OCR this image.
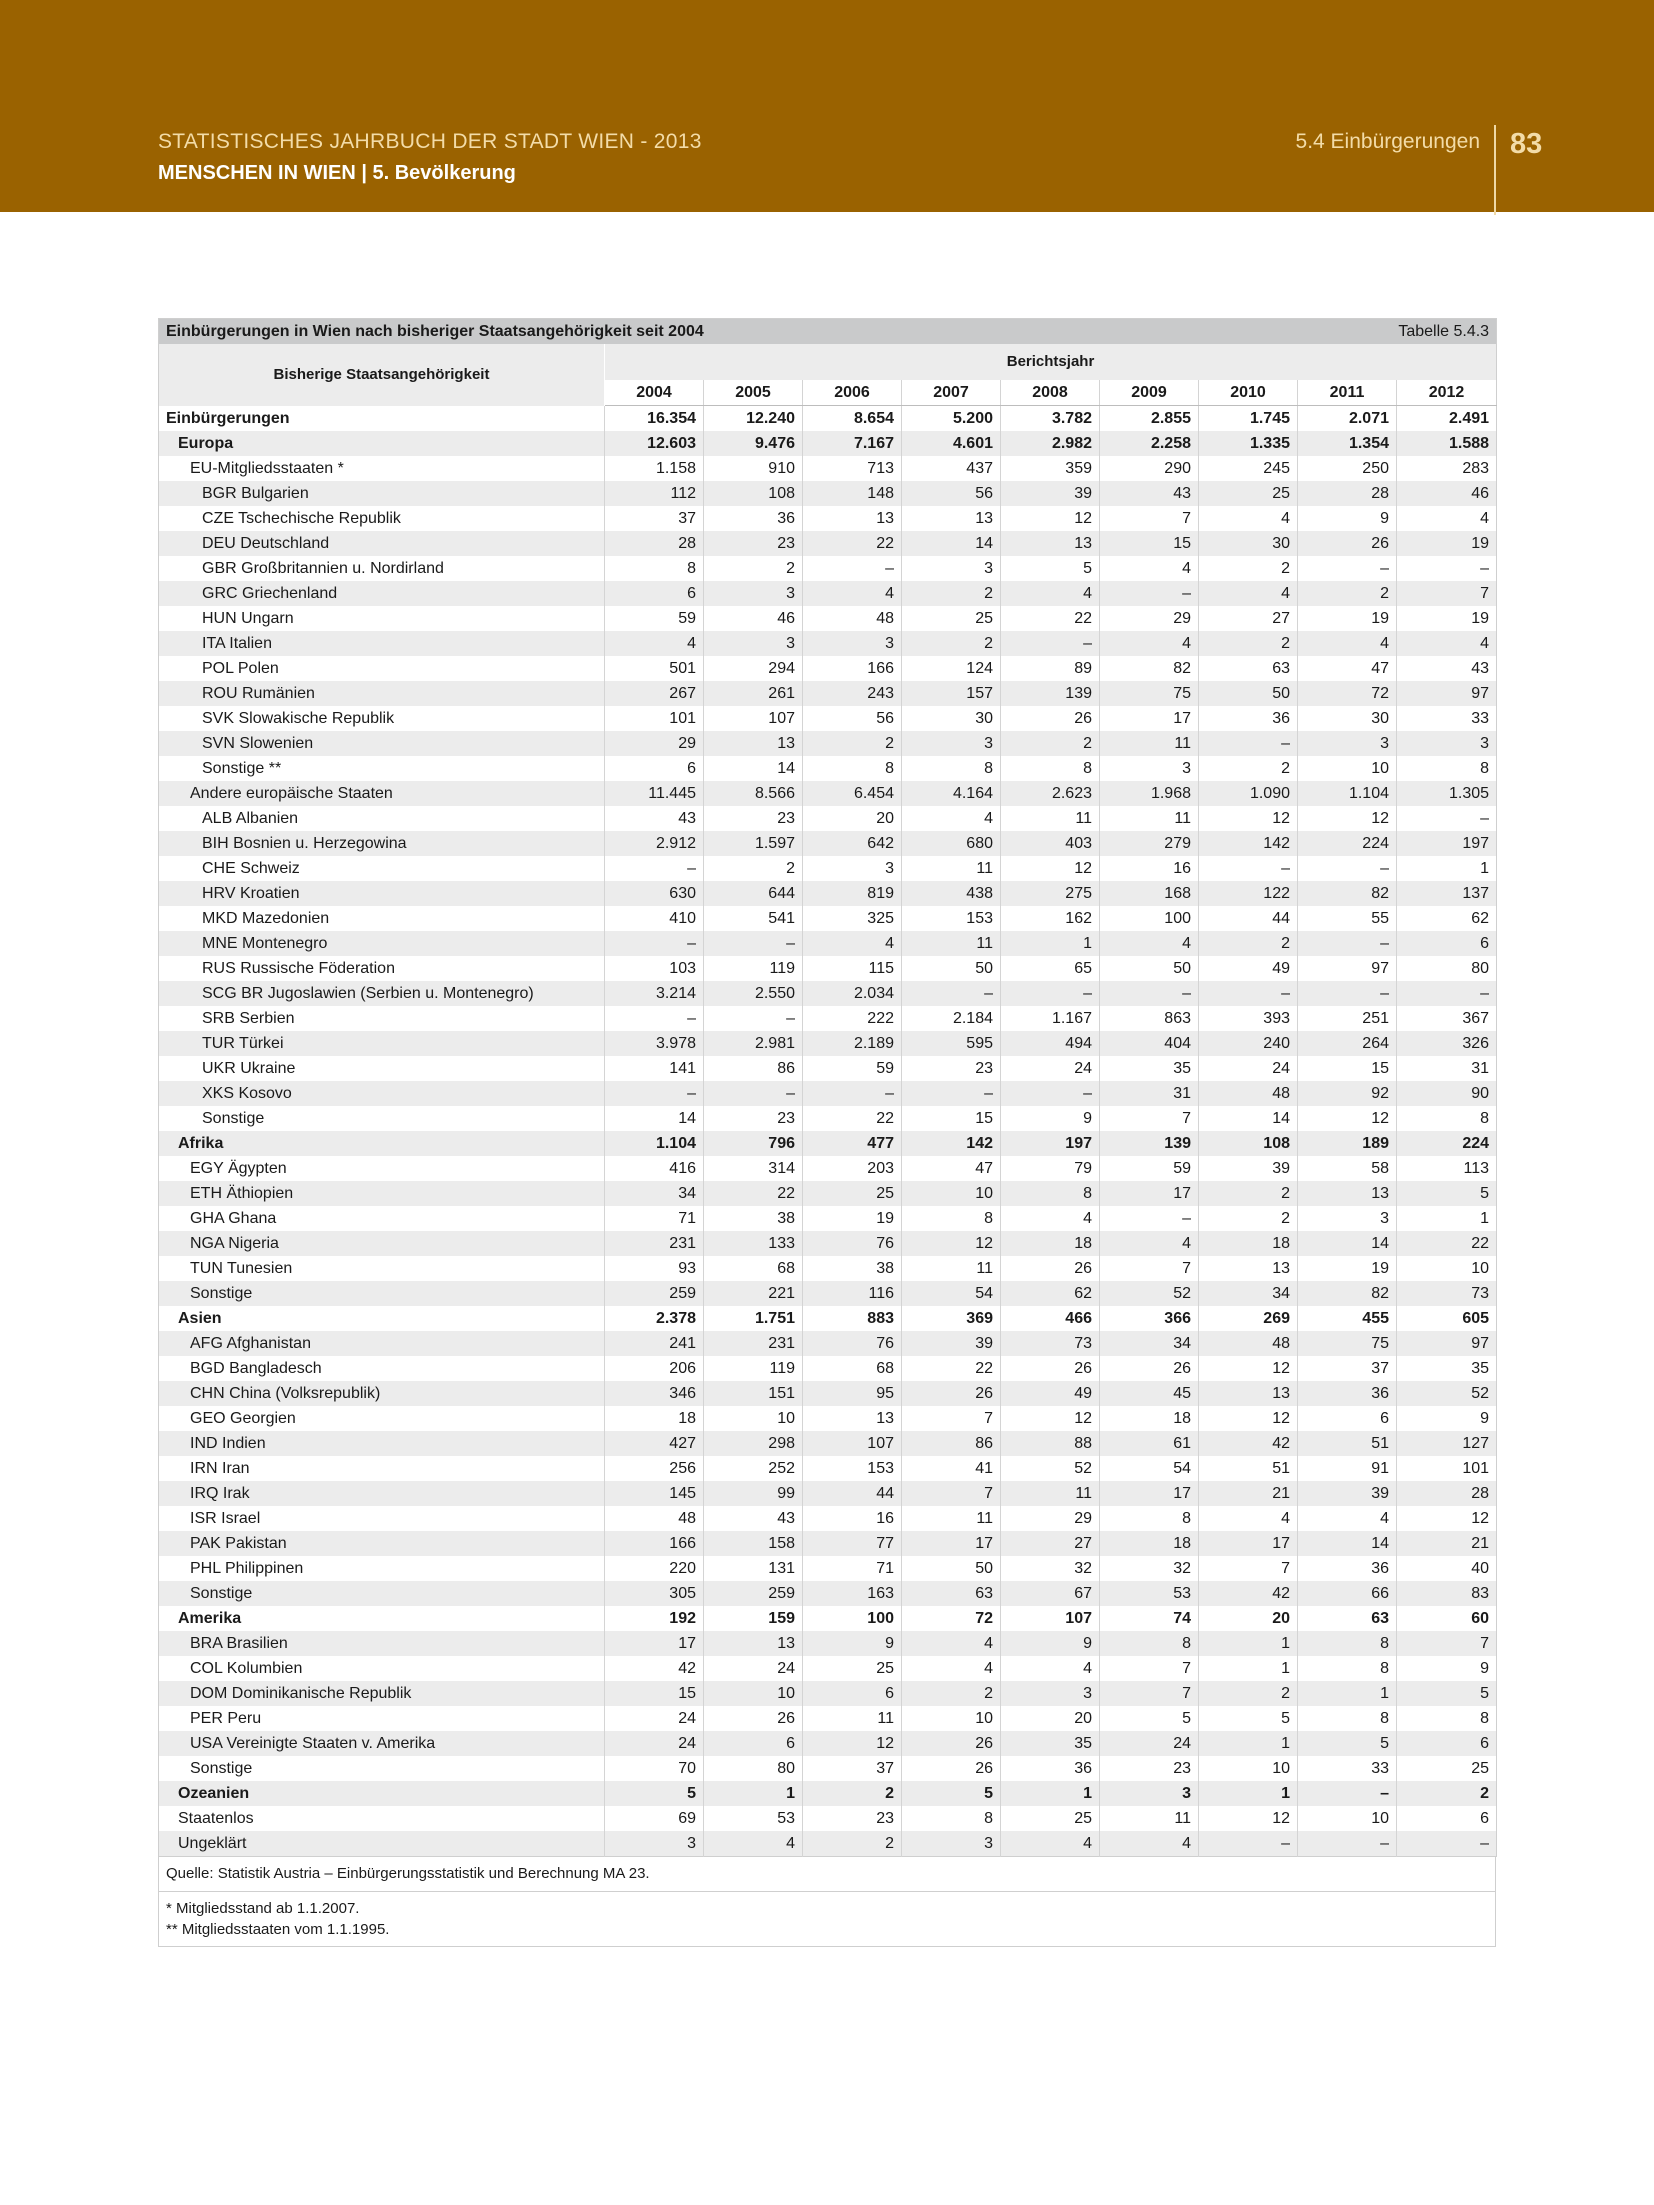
STATISTISCHES JAHRBUCH DER STADT WIEN - 2013
MENSCHEN IN WIEN | 5. Bevölkerung
5.4 Einbürgerungen 83
Einbürgerungen in Wien nach bisheriger Staatsangehörigkeit seit 2004 Tabelle 5.4.3									

Bisherige Staatsangehörigkeit	Berichtsjahr								
	2004	2005	2006	2007	2008	2009	2010	2011	2012
Einbürgerungen	16.354	12.240	8.654	5.200	3.782	2.855	1.745	2.071	2.491
Europa	12.603	9.476	7.167	4.601	2.982	2.258	1.335	1.354	1.588
EU-Mitgliedsstaaten *	1.158	910	713	437	359	290	245	250	283
BGR Bulgarien	112	108	148	56	39	43	25	28	46
CZE Tschechische Republik	37	36	13	13	12	7	4	9	4
DEU Deutschland	28	23	22	14	13	15	30	26	19
GBR Großbritannien u. Nordirland	8	2	–	3	5	4	2	–	–
GRC Griechenland	6	3	4	2	4	–	4	2	7
HUN Ungarn	59	46	48	25	22	29	27	19	19
ITA Italien	4	3	3	2	–	4	2	4	4
POL Polen	501	294	166	124	89	82	63	47	43
ROU Rumänien	267	261	243	157	139	75	50	72	97
SVK Slowakische Republik	101	107	56	30	26	17	36	30	33
SVN Slowenien	29	13	2	3	2	11	–	3	3
Sonstige **	6	14	8	8	8	3	2	10	8
Andere europäische Staaten	11.445	8.566	6.454	4.164	2.623	1.968	1.090	1.104	1.305
ALB Albanien	43	23	20	4	11	11	12	12	–
BIH Bosnien u. Herzegowina	2.912	1.597	642	680	403	279	142	224	197
CHE Schweiz	–	2	3	11	12	16	–	–	1
HRV Kroatien	630	644	819	438	275	168	122	82	137
MKD Mazedonien	410	541	325	153	162	100	44	55	62
MNE Montenegro	–	–	4	11	1	4	2	–	6
RUS Russische Föderation	103	119	115	50	65	50	49	97	80
SCG BR Jugoslawien (Serbien u. Montenegro)	3.214	2.550	2.034	–	–	–	–	–	–
SRB Serbien	–	–	222	2.184	1.167	863	393	251	367
TUR Türkei	3.978	2.981	2.189	595	494	404	240	264	326
UKR Ukraine	141	86	59	23	24	35	24	15	31
XKS Kosovo	–	–	–	–	–	31	48	92	90
Sonstige	14	23	22	15	9	7	14	12	8
Afrika	1.104	796	477	142	197	139	108	189	224
EGY Ägypten	416	314	203	47	79	59	39	58	113
ETH Äthiopien	34	22	25	10	8	17	2	13	5
GHA Ghana	71	38	19	8	4	–	2	3	1
NGA Nigeria	231	133	76	12	18	4	18	14	22
TUN Tunesien	93	68	38	11	26	7	13	19	10
Sonstige	259	221	116	54	62	52	34	82	73
Asien	2.378	1.751	883	369	466	366	269	455	605
AFG Afghanistan	241	231	76	39	73	34	48	75	97
BGD Bangladesch	206	119	68	22	26	26	12	37	35
CHN China (Volksrepublik)	346	151	95	26	49	45	13	36	52
GEO Georgien	18	10	13	7	12	18	12	6	9
IND Indien	427	298	107	86	88	61	42	51	127
IRN Iran	256	252	153	41	52	54	51	91	101
IRQ Irak	145	99	44	7	11	17	21	39	28
ISR Israel	48	43	16	11	29	8	4	4	12
PAK Pakistan	166	158	77	17	27	18	17	14	21
PHL Philippinen	220	131	71	50	32	32	7	36	40
Sonstige	305	259	163	63	67	53	42	66	83
Amerika	192	159	100	72	107	74	20	63	60
BRA Brasilien	17	13	9	4	9	8	1	8	7
COL Kolumbien	42	24	25	4	4	7	1	8	9
DOM Dominikanische Republik	15	10	6	2	3	7	2	1	5
PER Peru	24	26	11	10	20	5	5	8	8
USA Vereinigte Staaten v. Amerika	24	6	12	26	35	24	1	5	6
Sonstige	70	80	37	26	36	23	10	33	25
Ozeanien	5	1	2	5	1	3	1	–	2
Staatenlos	69	53	23	8	25	11	12	10	6
Ungeklärt	3	4	2	3	4	4	–	–	–
Quelle: Statistik Austria – Einbürgerungsstatistik und Berechnung MA 23.
* Mitgliedsstand ab 1.1.2007.
** Mitgliedsstaaten vom 1.1.1995.
